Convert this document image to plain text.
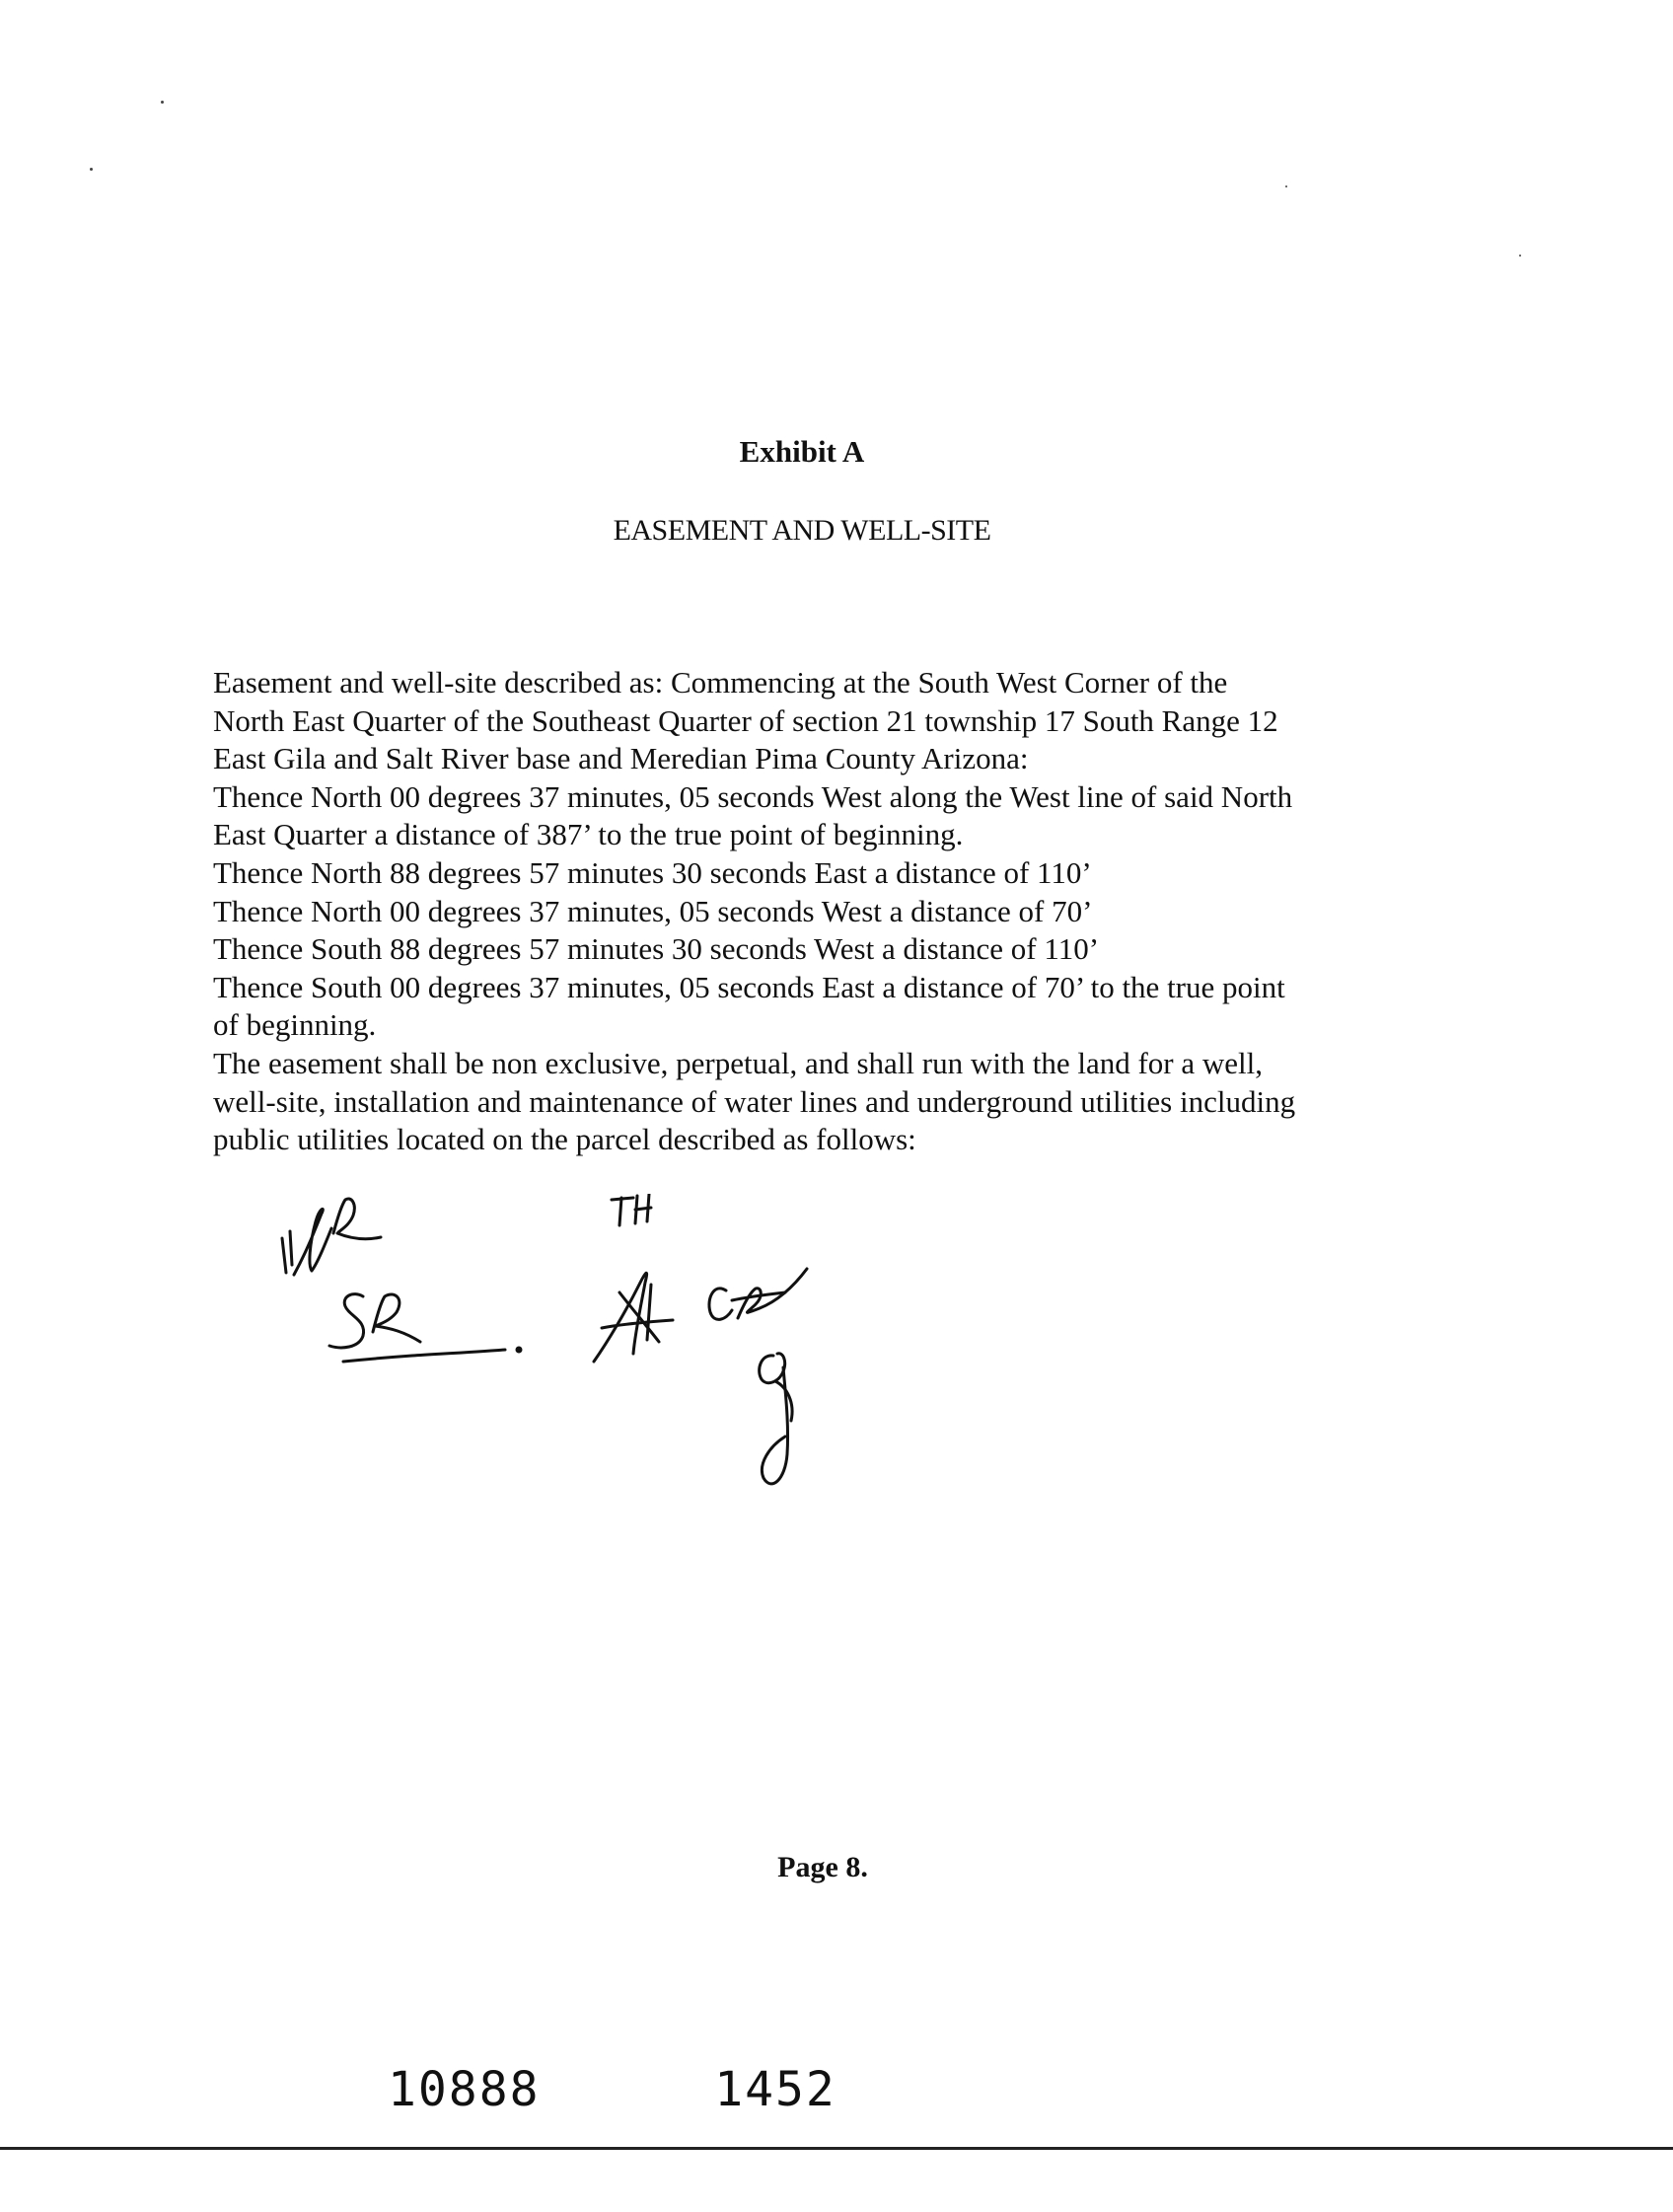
Exhibit A
EASEMENT AND WELL-SITE
Easement and well-site described as: Commencing at the South West Corner of the
North East Quarter of the Southeast Quarter of section 21 township 17 South Range 12
East Gila and Salt River base and Meredian Pima County Arizona:
Thence North 00 degrees 37 minutes, 05 seconds West along the West line of said North
East Quarter a distance of 387’ to the true point of beginning.
Thence North 88 degrees 57 minutes 30 seconds East a distance of 110’
Thence North 00 degrees 37 minutes, 05 seconds West a distance of 70’
Thence South 88 degrees 57 minutes 30 seconds West a distance of 110’
Thence South 00 degrees 37 minutes, 05 seconds East a distance of 70’ to the true point
of beginning.
The easement shall be non exclusive, perpetual, and shall run with the land for a well,
well-site, installation and maintenance of water lines and underground utilities including
public utilities located on the parcel described as follows:
Page 8.
10888   1452
